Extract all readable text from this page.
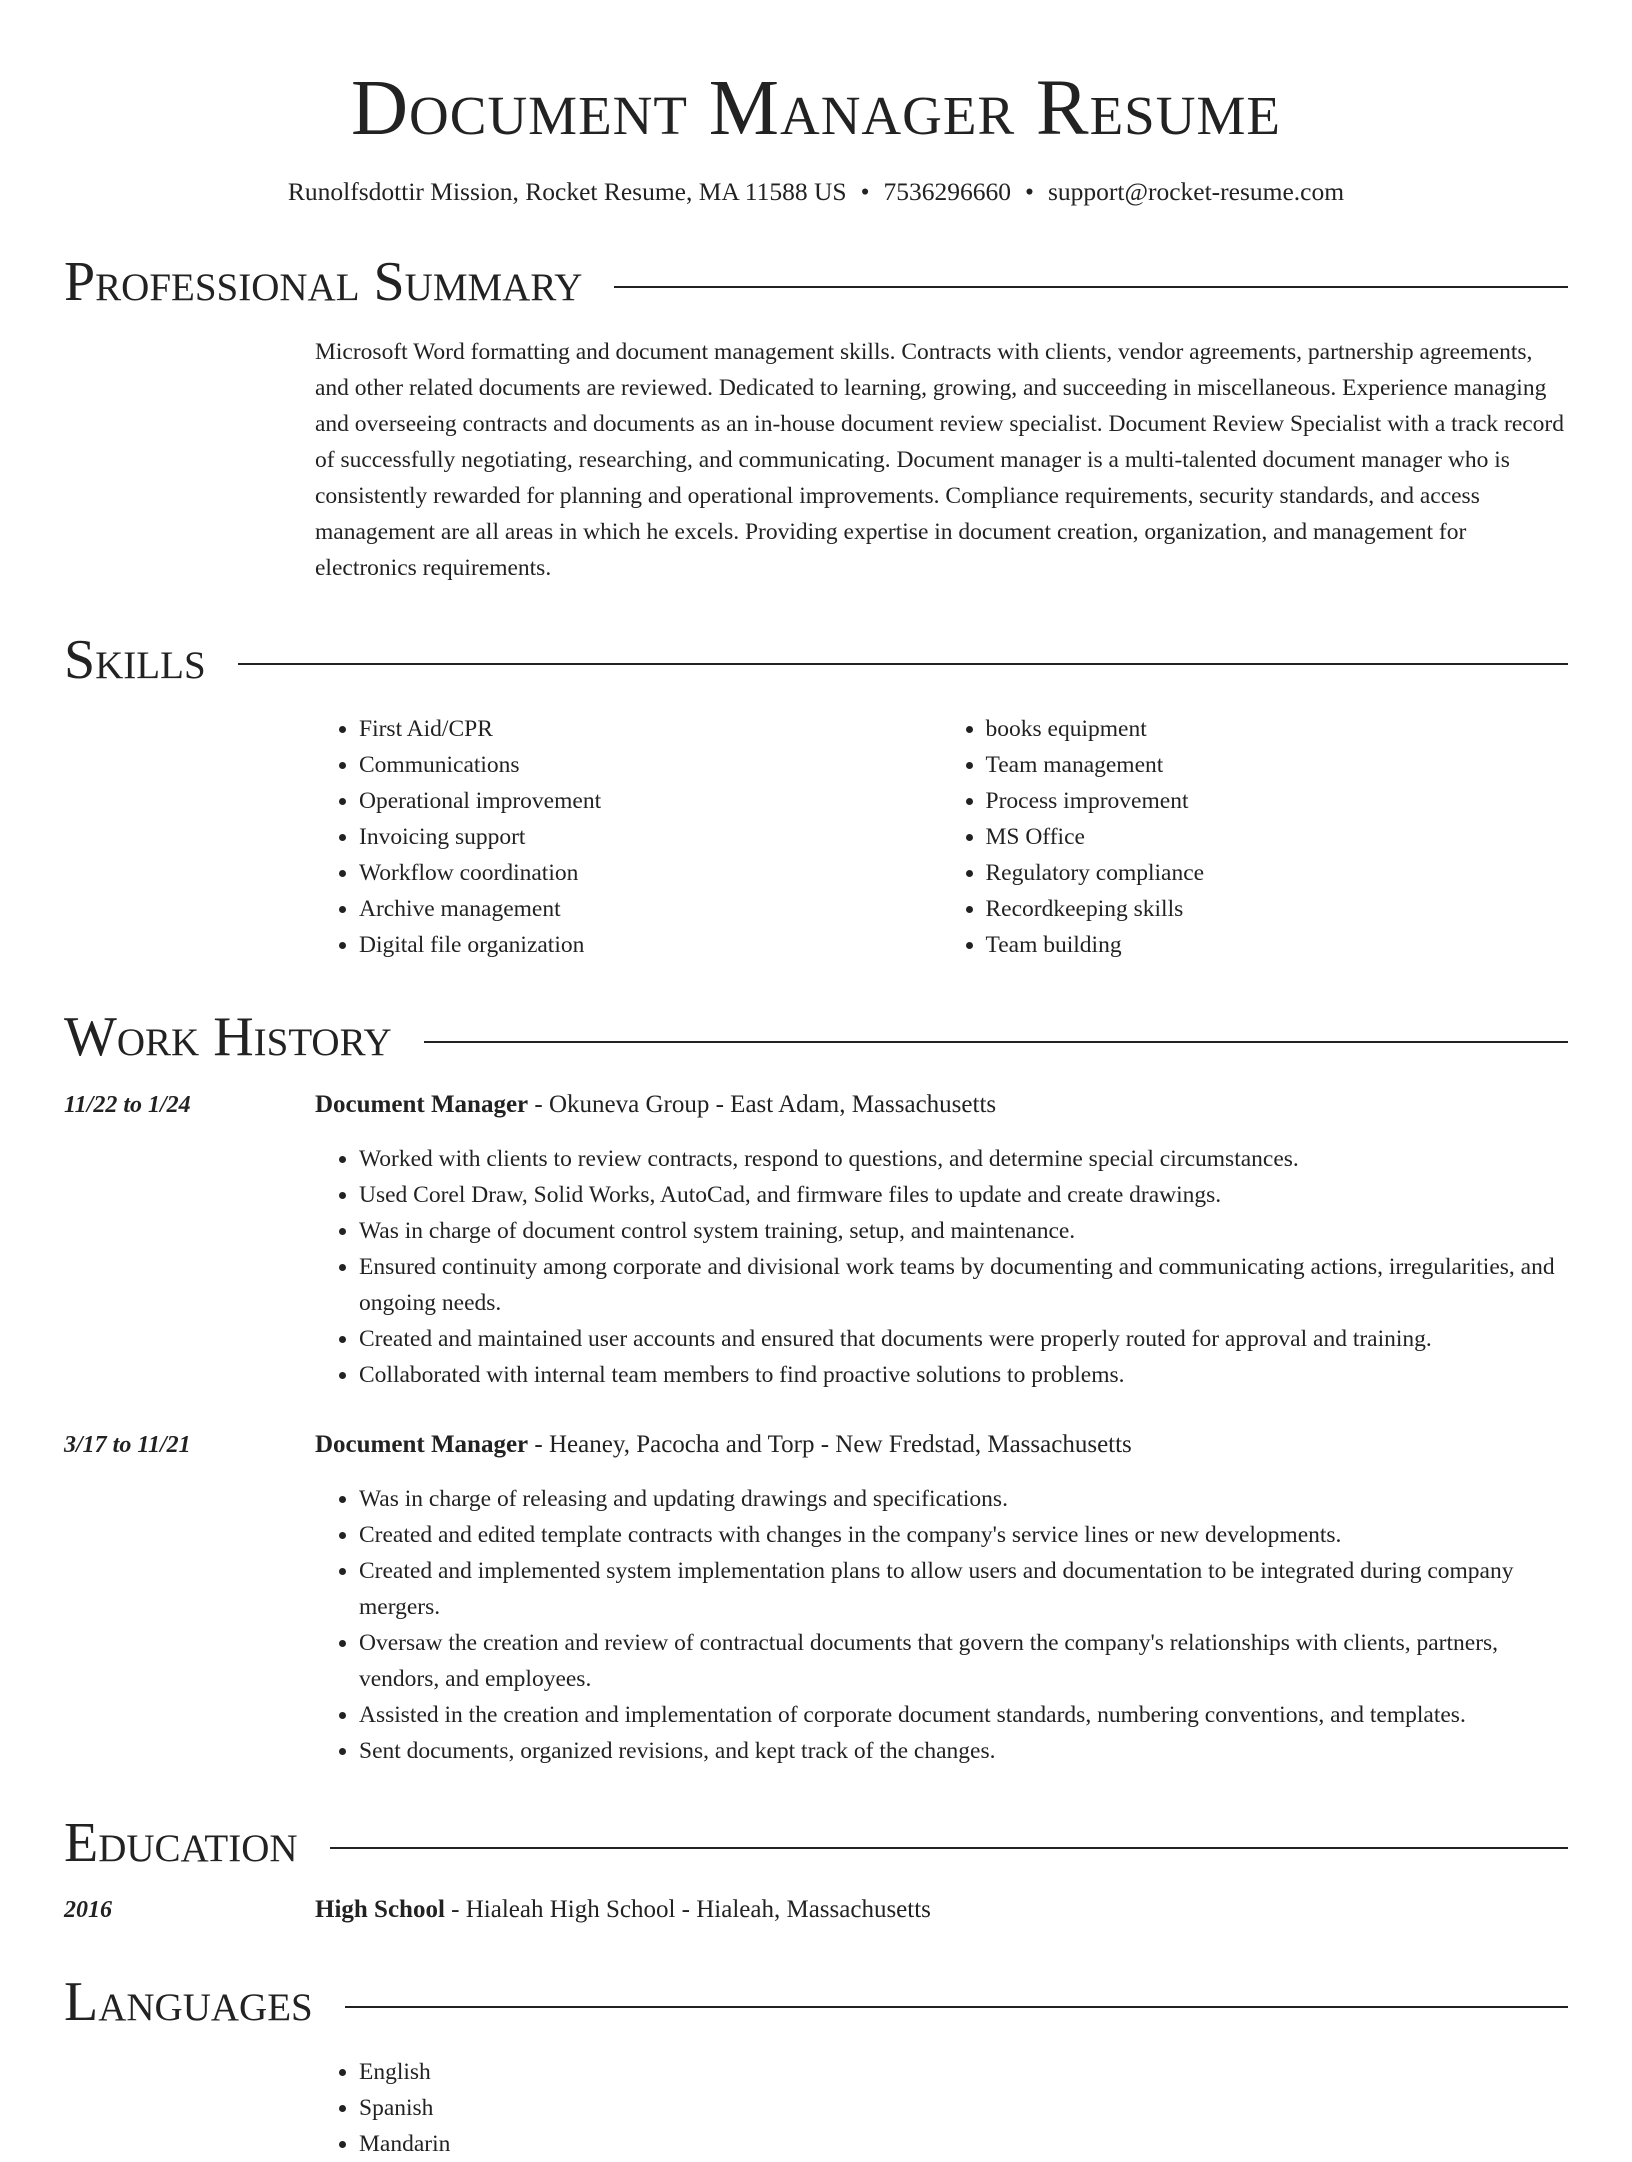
Document Manager Resume
Runolfsdottir Mission, Rocket Resume, MA 11588 US • 7536296660 • support@rocket-resume.com
Professional Summary
Microsoft Word formatting and document management skills. Contracts with clients, vendor agreements, partnership agreements, and other related documents are reviewed. Dedicated to learning, growing, and succeeding in miscellaneous. Experience managing and overseeing contracts and documents as an in-house document review specialist. Document Review Specialist with a track record of successfully negotiating, researching, and communicating. Document manager is a multi-talented document manager who is consistently rewarded for planning and operational improvements. Compliance requirements, security standards, and access management are all areas in which he excels. Providing expertise in document creation, organization, and management for electronics requirements.
Skills
• First Aid/CPR
• Communications
• Operational improvement
• Invoicing support
• Workflow coordination
• Archive management
• Digital file organization
• books equipment
• Team management
• Process improvement
• MS Office
• Regulatory compliance
• Recordkeeping skills
• Team building
Work History
11/22 to 1/24	Document Manager - Okuneva Group - East Adam, Massachusetts
• Worked with clients to review contracts, respond to questions, and determine special circumstances.
• Used Corel Draw, Solid Works, AutoCad, and firmware files to update and create drawings.
• Was in charge of document control system training, setup, and maintenance.
• Ensured continuity among corporate and divisional work teams by documenting and communicating actions, irregularities, and ongoing needs.
• Created and maintained user accounts and ensured that documents were properly routed for approval and training.
• Collaborated with internal team members to find proactive solutions to problems.
3/17 to 11/21	Document Manager - Heaney, Pacocha and Torp - New Fredstad, Massachusetts
• Was in charge of releasing and updating drawings and specifications.
• Created and edited template contracts with changes in the company's service lines or new developments.
• Created and implemented system implementation plans to allow users and documentation to be integrated during company mergers.
• Oversaw the creation and review of contractual documents that govern the company's relationships with clients, partners, vendors, and employees.
• Assisted in the creation and implementation of corporate document standards, numbering conventions, and templates.
• Sent documents, organized revisions, and kept track of the changes.
Education
2016	High School - Hialeah High School - Hialeah, Massachusetts
Languages
• English
• Spanish
• Mandarin
